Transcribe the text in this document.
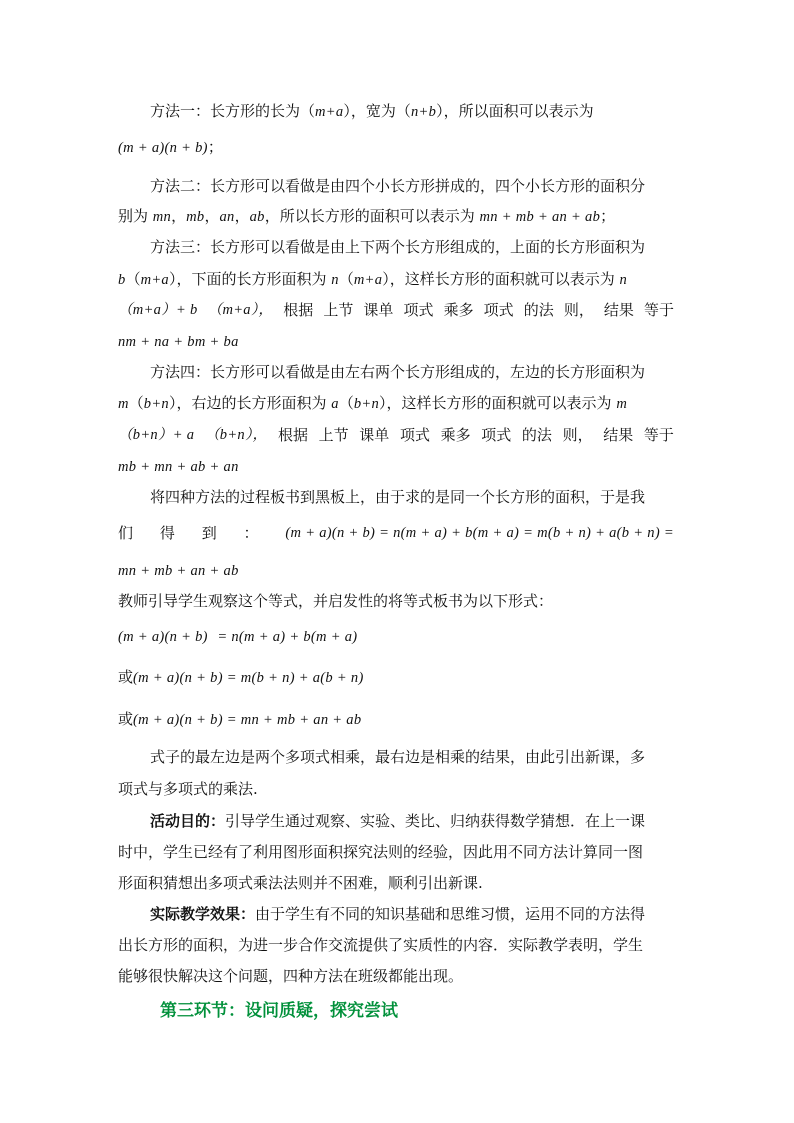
方法一：长方形的长为（m+a），宽为（n+b），所以面积可以表示为
(m + a)(n + b)；
方法二：长方形可以看做是由四个小长方形拼成的，四个小长方形的面积分
别为 mn，mb，an，ab，所以长方形的面积可以表示为 mn + mb + an + ab；
方法三：长方形可以看做是由上下两个长方形组成的，上面的长方形面积为
b（m+a），下面的长方形面积为 n（m+a），这样长方形的面积就可以表示为 n
（m+a）+ b （m+a）， 根据 上节 课单 项式 乘多 项式 的法 则， 结果 等于
nm + na + bm + ba
方法四：长方形可以看做是由左右两个长方形组成的，左边的长方形面积为
m（b+n），右边的长方形面积为 a（b+n），这样长方形的面积就可以表示为 m
（b+n）+ a （b+n）， 根据 上节 课单 项式 乘多 项式 的法 则， 结果 等于
mb + mn + ab + an
将四种方法的过程板书到黑板上，由于求的是同一个长方形的面积，于是我
们 得 到 ： (m + a)(n + b) = n(m + a) + b(m + a) = m(b + n) + a(b + n) =
mn + mb + an + ab
教师引导学生观察这个等式，并启发性的将等式板书为以下形式：
(m + a)(n + b) = n(m + a) + b(m + a)
或(m + a)(n + b) = m(b + n) + a(b + n)
或(m + a)(n + b) = mn + mb + an + ab
式子的最左边是两个多项式相乘，最右边是相乘的结果，由此引出新课，多
项式与多项式的乘法.
活动目的：引导学生通过观察、实验、类比、归纳获得数学猜想．在上一课
时中，学生已经有了利用图形面积探究法则的经验，因此用不同方法计算同一图
形面积猜想出多项式乘法法则并不困难，顺利引出新课.
实际教学效果：由于学生有不同的知识基础和思维习惯，运用不同的方法得
出长方形的面积，为进一步合作交流提供了实质性的内容．实际教学表明，学生
能够很快解决这个问题，四种方法在班级都能出现。
第三环节：设问质疑，探究尝试
